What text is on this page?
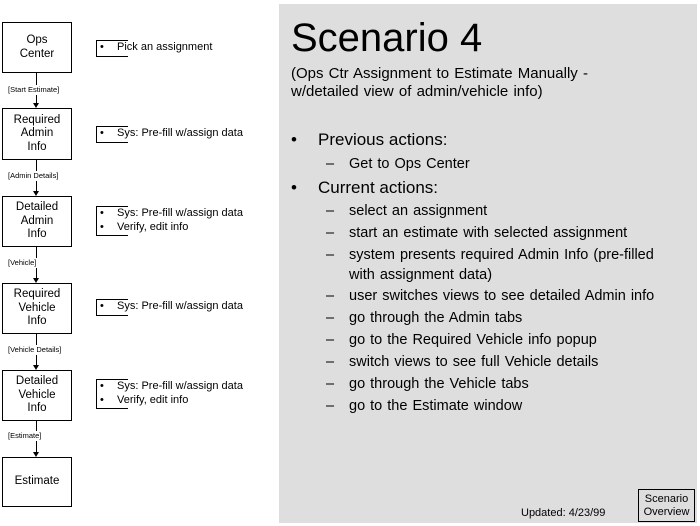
Ops
Center
[Start Estimate]
Required
Admin
Info
[Admin Details]
Detailed
Admin
Info
[Vehicle]
Required
Vehicle
Info
[Vehicle Details]
Detailed
Vehicle
Info
[Estimate]
Estimate
• Pick an assignment
• Sys: Pre-fill w/assign data
• Sys: Pre-fill w/assign data
• Verify, edit info
• Sys: Pre-fill w/assign data
• Sys: Pre-fill w/assign data
• Verify, edit info
Scenario 4
(Ops Ctr Assignment to Estimate Manually - w/detailed view of admin/vehicle info)
• Previous actions:
– Get to Ops Center
• Current actions:
– select an assignment
– start an estimate with selected assignment
– system presents required Admin Info (pre-filled with assignment data)
– user switches views to see detailed Admin info
– go through the Admin tabs
– go to the Required Vehicle info popup
– switch views to see full Vehicle details
– go through the Vehicle tabs
– go to the Estimate window
Updated: 4/23/99
Scenario
Overview
